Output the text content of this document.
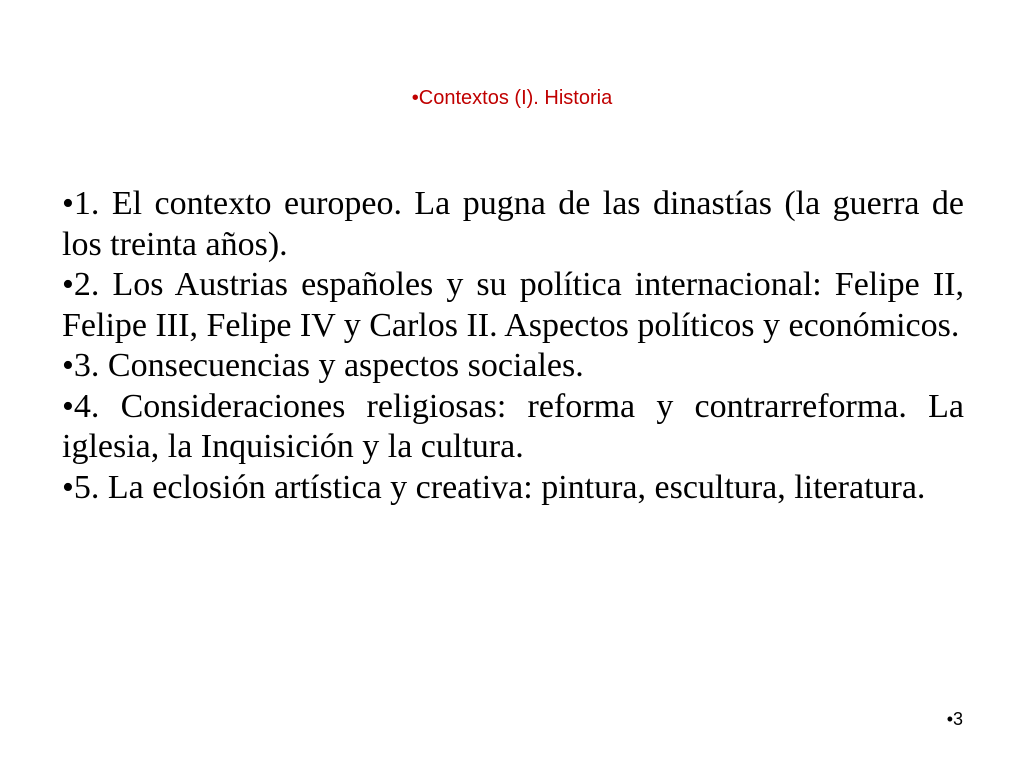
•Contextos (I). Historia

•1. El contexto europeo. La pugna de las dinastías (la guerra de los treinta años).

•2. Los Austrias españoles y su política internacional: Felipe II, Felipe III, Felipe IV y Carlos II. Aspectos políticos y económicos.

•3. Consecuencias y aspectos sociales.

•4. Consideraciones religiosas: reforma y contrarreforma. La iglesia, la Inquisición y la cultura.

•5. La eclosión artística y creativa: pintura, escultura, literatura.

•3
